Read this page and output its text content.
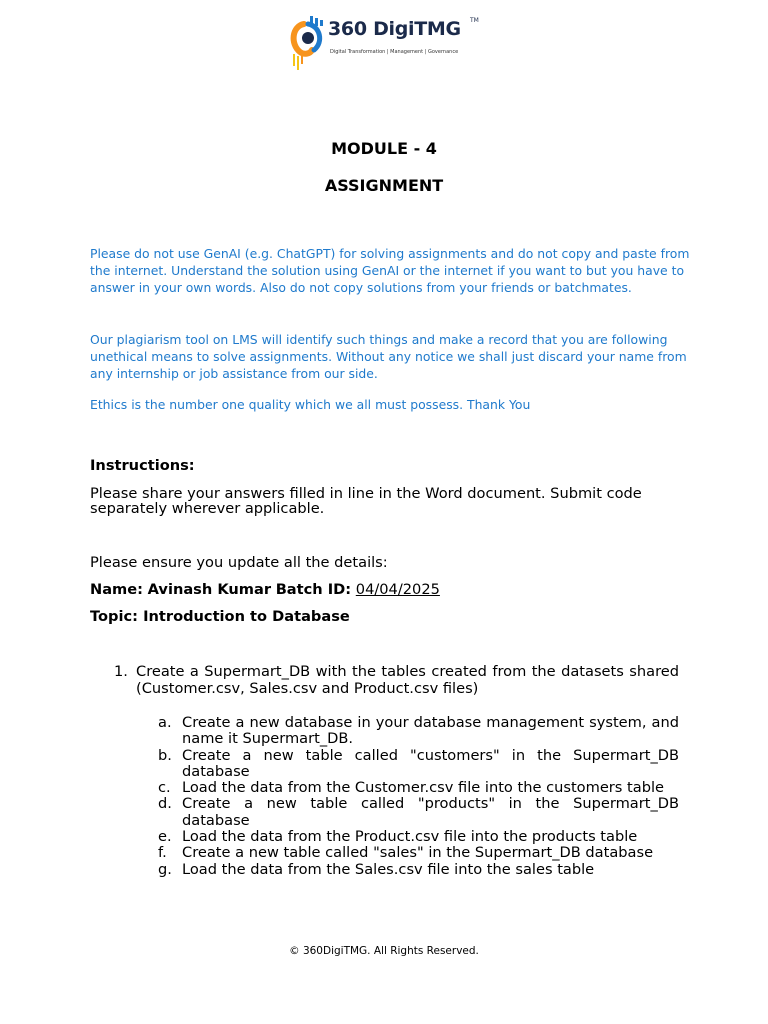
360 DigiTMG TM
Digital Transformation | Management | Governance
MODULE - 4
ASSIGNMENT

Please do not use GenAI (e.g. ChatGPT) for solving assignments and do not copy and paste from the internet. Understand the solution using GenAI or the internet if you want to but you have to answer in your own words. Also do not copy solutions from your friends or batchmates.

Our plagiarism tool on LMS will identify such things and make a record that you are following unethical means to solve assignments. Without any notice we shall just discard your name from any internship or job assistance from our side.

Ethics is the number one quality which we all must possess. Thank You

Instructions:

Please share your answers filled in line in the Word document. Submit code separately wherever applicable.

Please ensure you update all the details:
Name: Avinash Kumar Batch ID: 04/04/2025
Topic: Introduction to Database
1. Create a Supermart_DB with the tables created from the datasets shared (Customer.csv, Sales.csv and Product.csv files)

a. Create a new database in your database management system, and name it Supermart_DB.
b. Create a new table called "customers" in the Supermart_DB database
c. Load the data from the Customer.csv file into the customers table
d. Create a new table called "products" in the Supermart_DB database
e. Load the data from the Product.csv file into the products table
f. Create a new table called "sales" in the Supermart_DB database
g. Load the data from the Sales.csv file into the sales table
© 360DigiTMG. All Rights Reserved.
